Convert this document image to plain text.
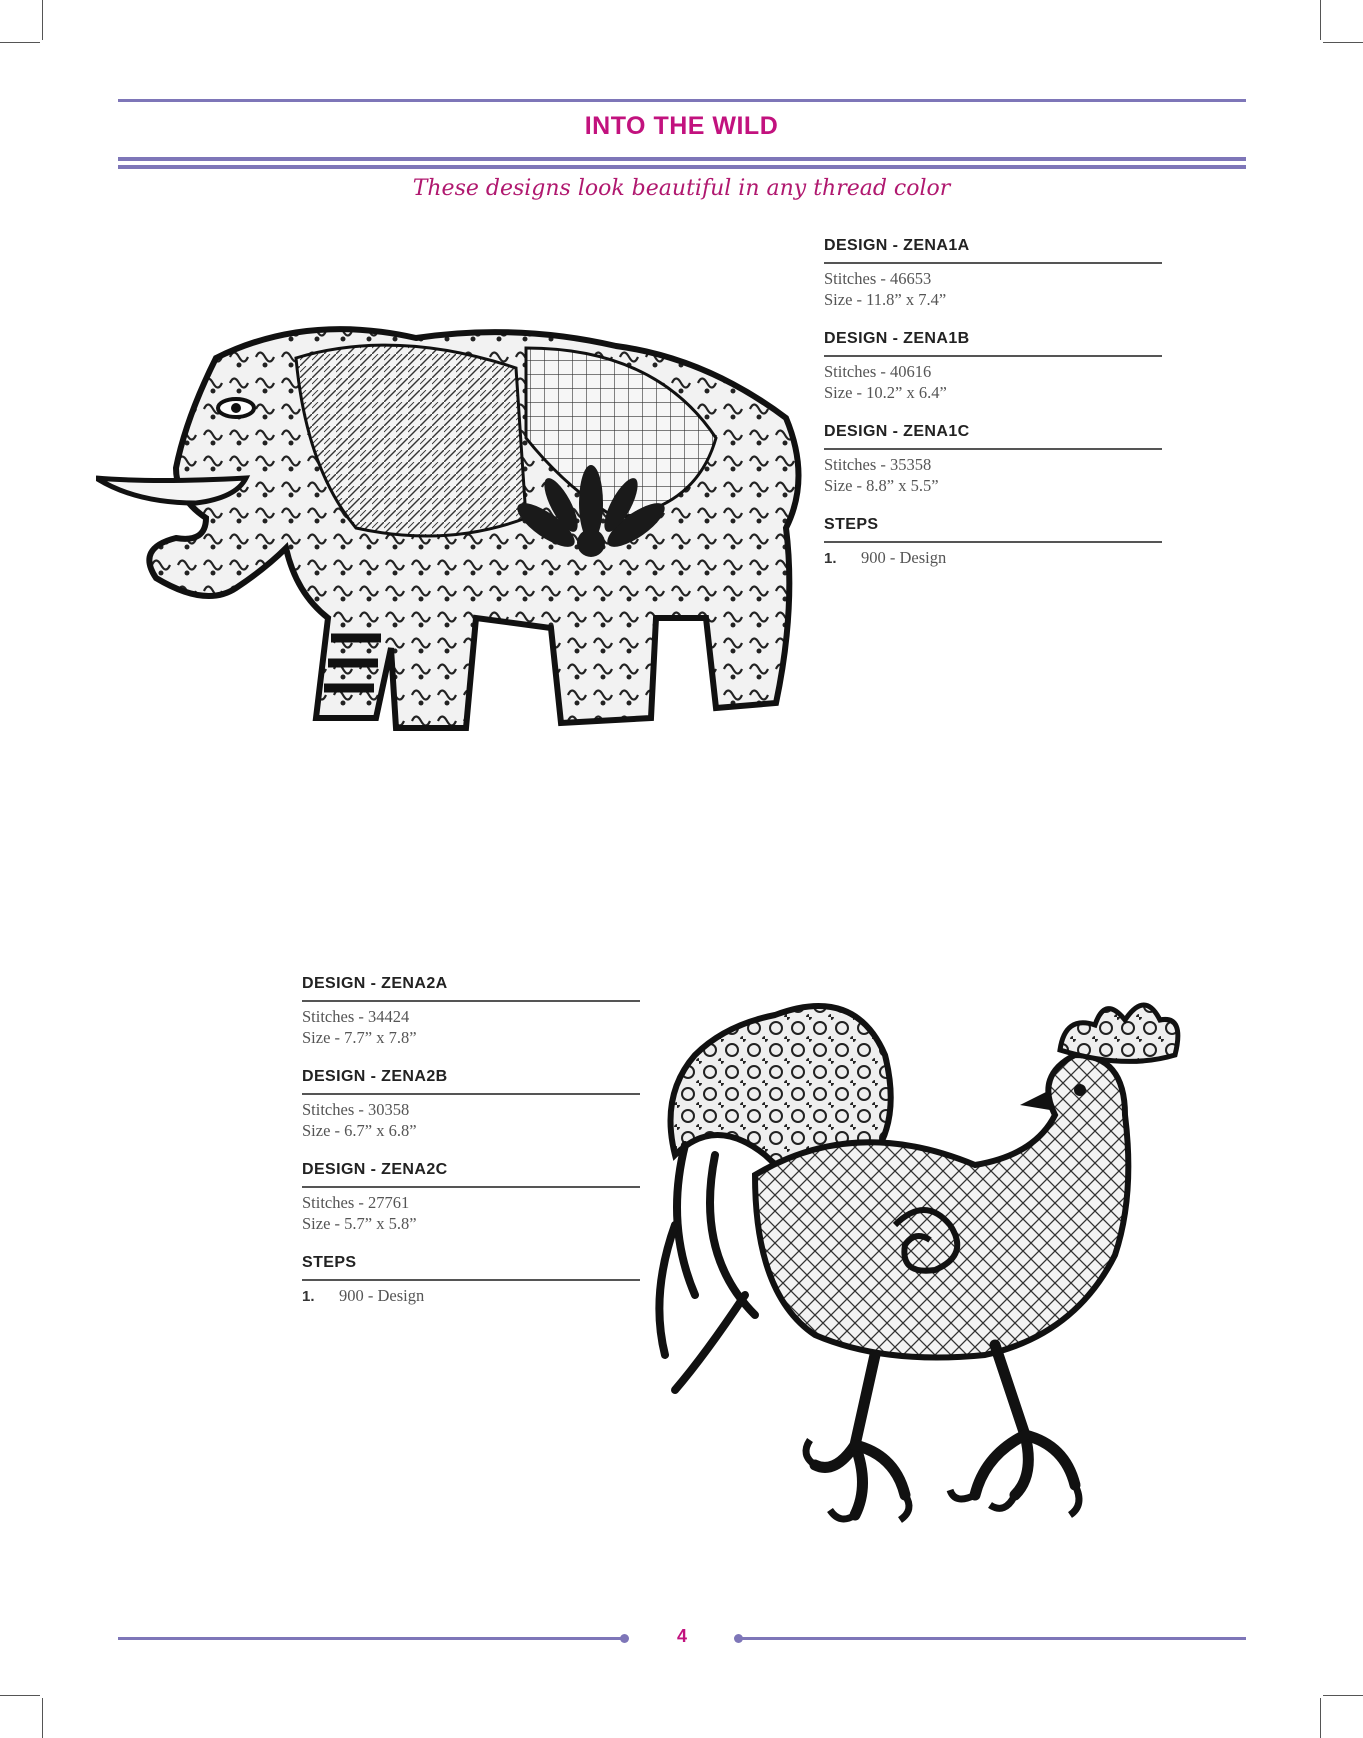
INTO THE WILD
These designs look beautiful in any thread color
DESIGN - ZENA1A
Stitches - 46653
Size - 11.8” x 7.4”
DESIGN - ZENA1B
Stitches - 40616
Size - 10.2” x 6.4”
DESIGN - ZENA1C
Stitches - 35358
Size - 8.8” x 5.5”
STEPS
1. 900 - Design
DESIGN - ZENA2A
Stitches - 34424
Size - 7.7” x 7.8”
DESIGN - ZENA2B
Stitches - 30358
Size - 6.7” x 6.8”
DESIGN - ZENA2C
Stitches - 27761
Size - 5.7” x 5.8”
STEPS
1. 900 - Design
4
